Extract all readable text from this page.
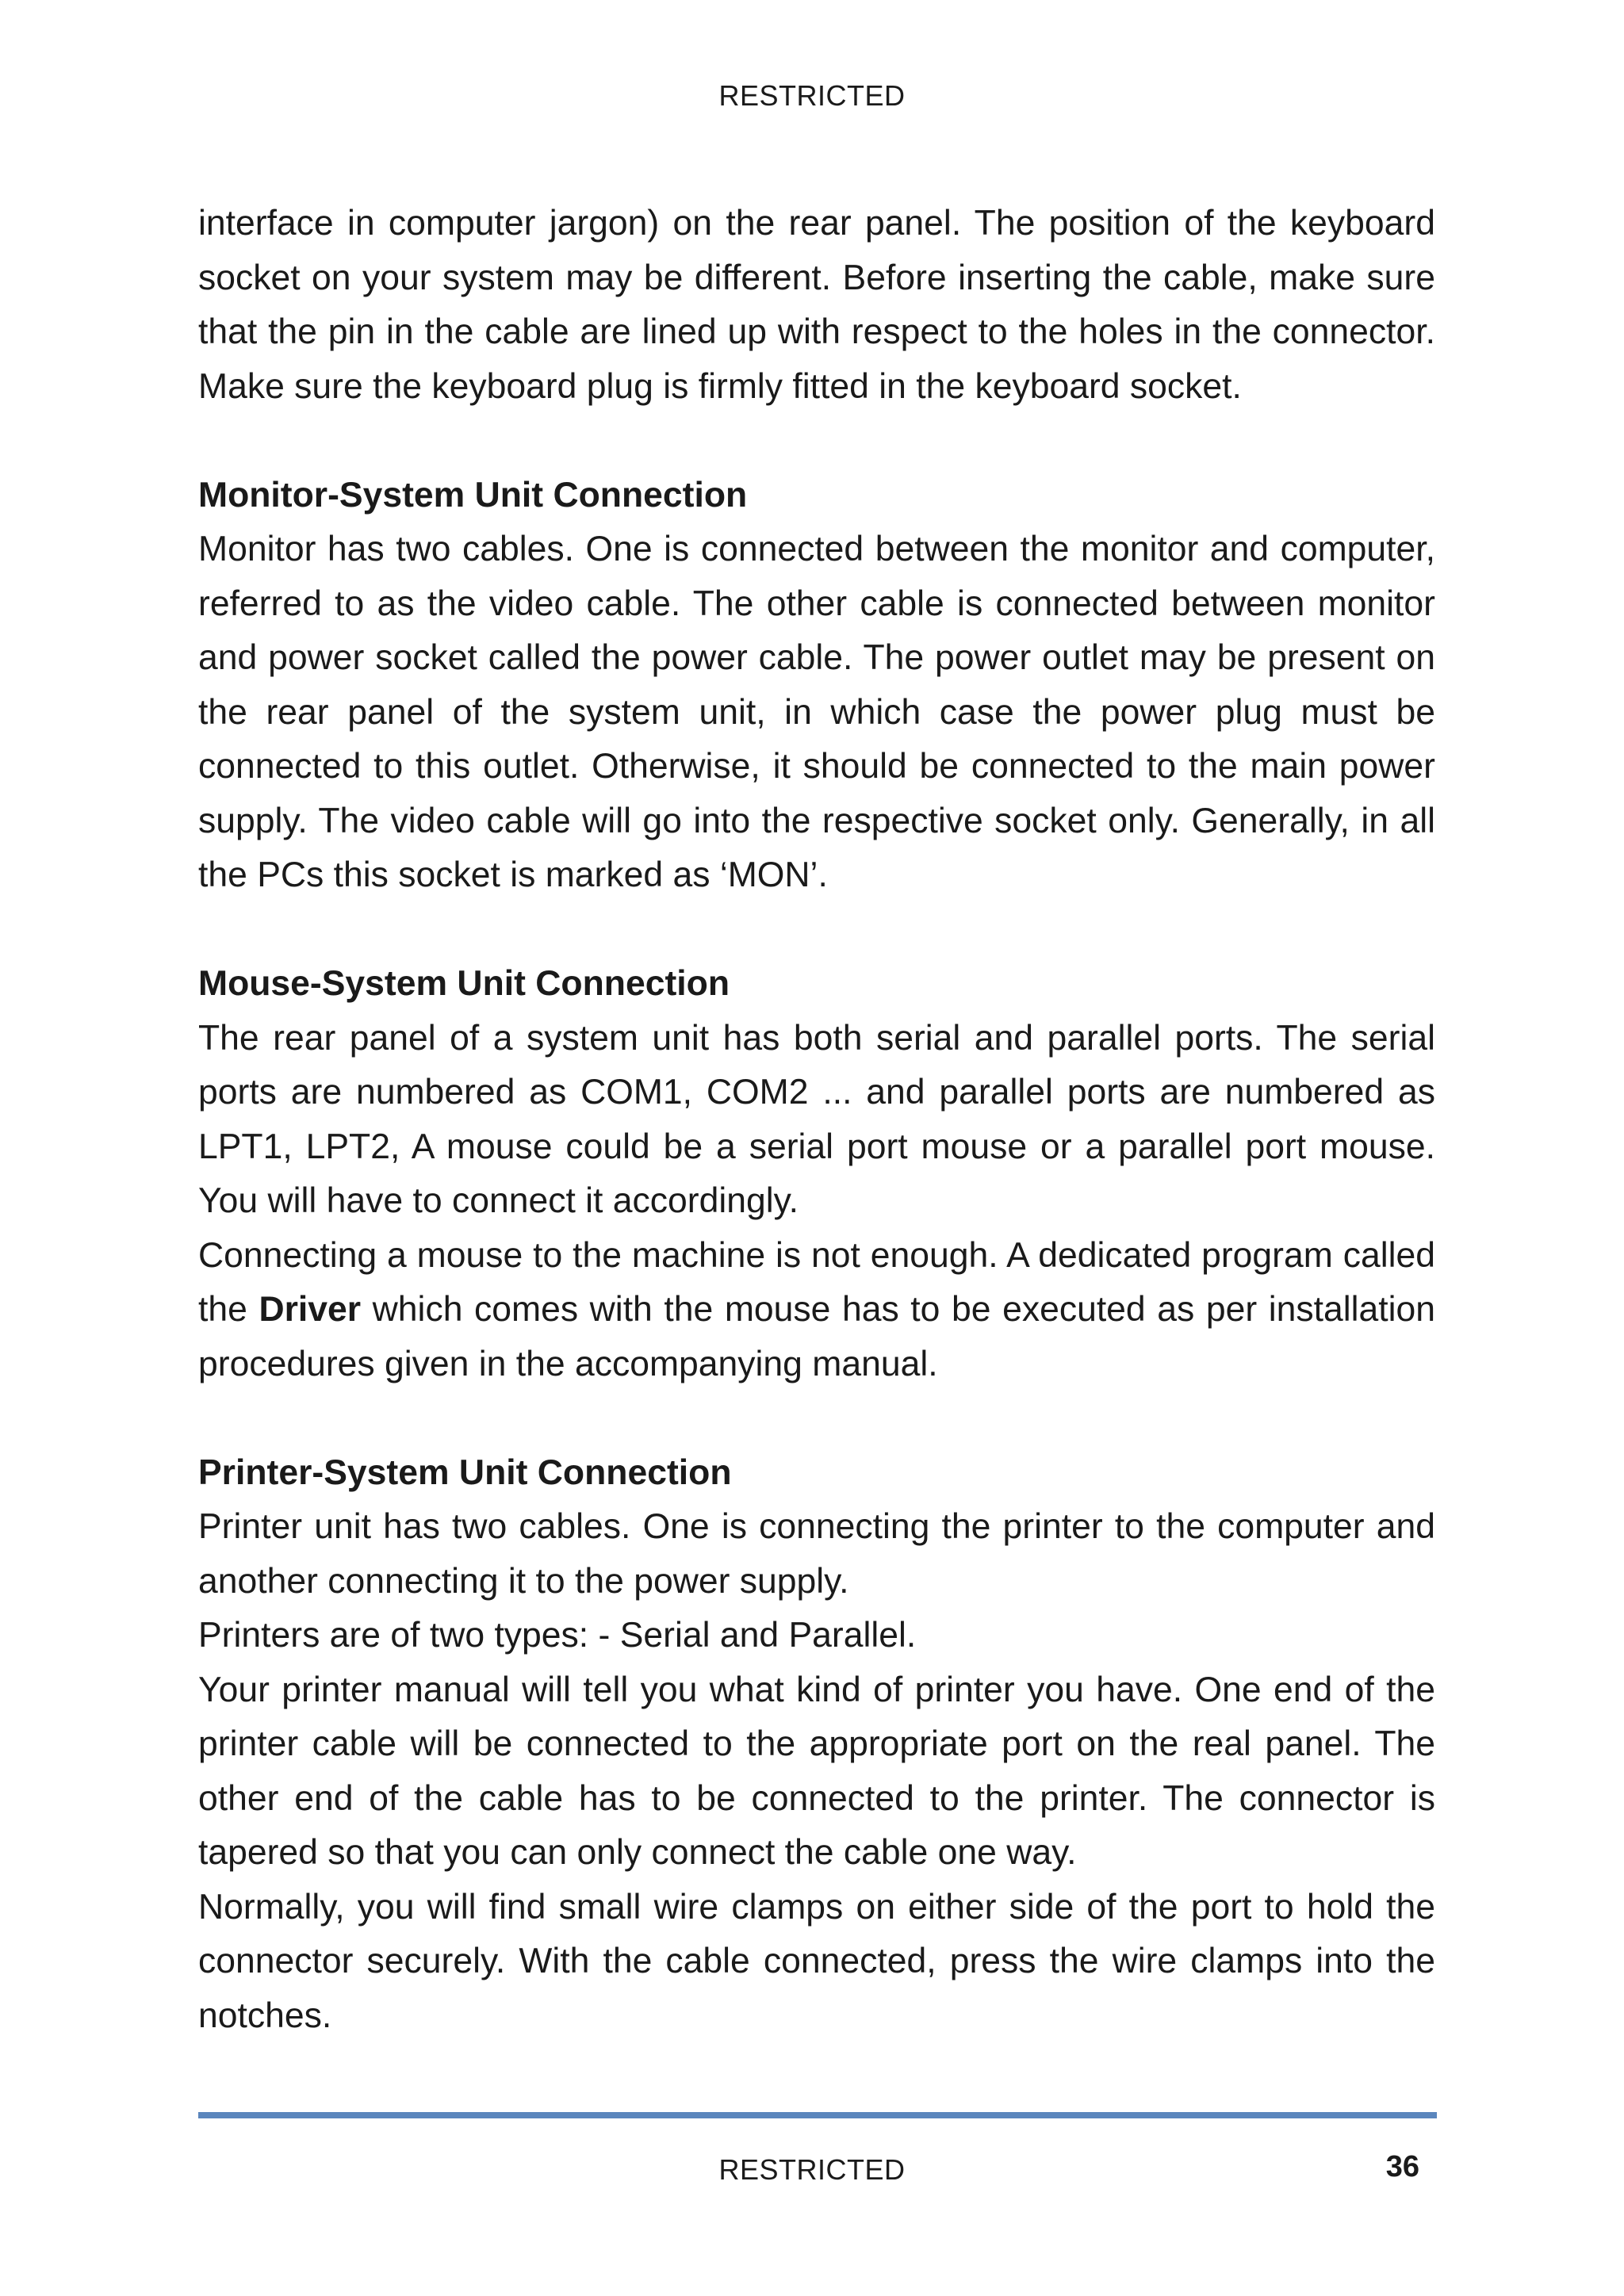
RESTRICTED

interface in computer jargon) on the rear panel. The position of the keyboard socket on your system may be different. Before inserting the cable, make sure that the pin in the cable are lined up with respect to the holes in the connector. Make sure the keyboard plug is firmly fitted in the keyboard socket.

Monitor-System Unit Connection

Monitor has two cables. One is connected between the monitor and computer, referred to as the video cable. The other cable is connected between monitor and power socket called the power cable. The power outlet may be present on the rear panel of the system unit, in which case the power plug must be connected to this outlet. Otherwise, it should be connected to the main power supply. The video cable will go into the respective socket only. Generally, in all the PCs this socket is marked as ‘MON’.

Mouse-System Unit Connection

The rear panel of a system unit has both serial and parallel ports. The serial ports are numbered as COM1, COM2 ... and parallel ports are numbered as LPT1, LPT2, A mouse could be a serial port mouse or a parallel port mouse. You will have to connect it accordingly.

Connecting a mouse to the machine is not enough. A dedicated program called the Driver which comes with the mouse has to be executed as per installation procedures given in the accompanying manual.

Printer-System Unit Connection

Printer unit has two cables. One is connecting the printer to the computer and another connecting it to the power supply.

Printers are of two types: - Serial and Parallel.

Your printer manual will tell you what kind of printer you have. One end of the printer cable will be connected to the appropriate port on the real panel. The other end of the cable has to be connected to the printer. The connector is tapered so that you can only connect the cable one way.

Normally, you will find small wire clamps on either side of the port to hold the connector securely. With the cable connected, press the wire clamps into the notches.

RESTRICTED	36
